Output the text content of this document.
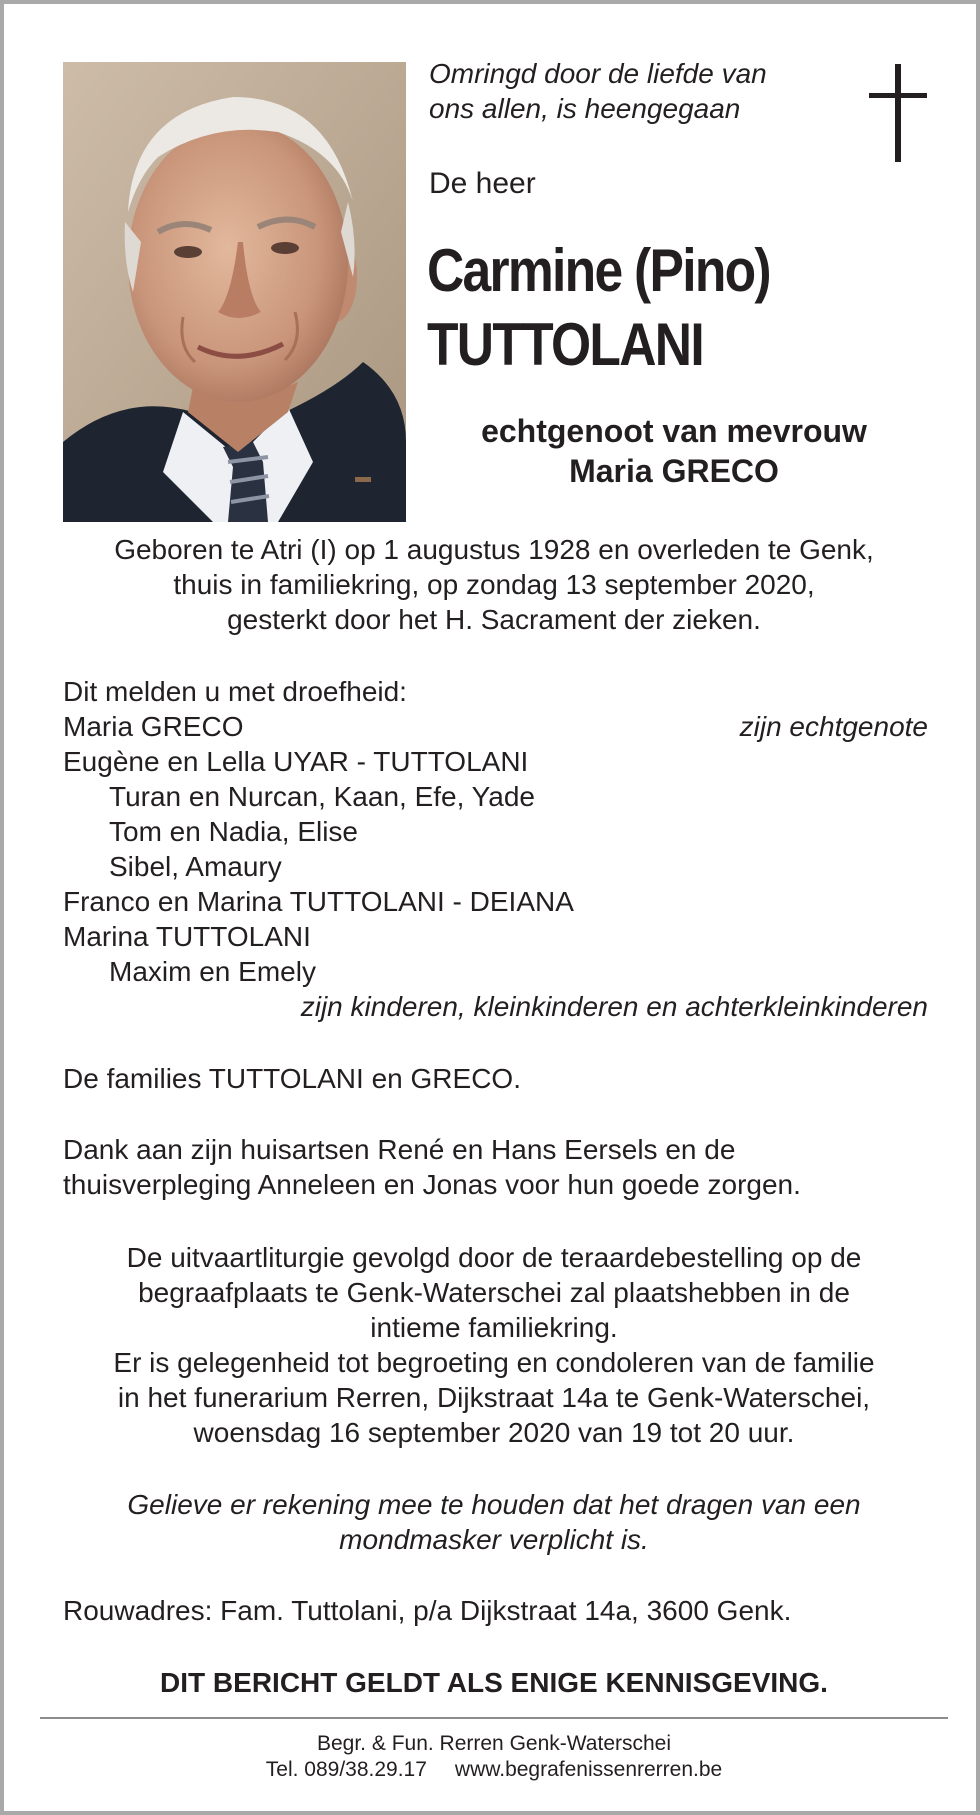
Omringd door de liefde van
ons allen, is heengegaan
De heer
Carmine (Pino)
TUTTOLANI
echtgenoot van mevrouw
Maria GRECO
Geboren te Atri (I) op 1 augustus 1928 en overleden te Genk,
thuis in familiekring, op zondag 13 september 2020,
gesterkt door het H. Sacrament der zieken.
Dit melden u met droefheid:
Maria GRECO	zijn echtgenote
Eugène en Lella UYAR - TUTTOLANI
Turan en Nurcan, Kaan, Efe, Yade
Tom en Nadia, Elise
Sibel, Amaury
Franco en Marina TUTTOLANI - DEIANA
Marina TUTTOLANI
Maxim en Emely
zijn kinderen, kleinkinderen en achterkleinkinderen
De families TUTTOLANI en GRECO.
Dank aan zijn huisartsen René en Hans Eersels en de
thuisverpleging Anneleen en Jonas voor hun goede zorgen.
De uitvaartliturgie gevolgd door de teraardebestelling op de
begraafplaats te Genk-Waterschei zal plaatshebben in de
intieme familiekring.
Er is gelegenheid tot begroeting en condoleren van de familie
in het funerarium Rerren, Dijkstraat 14a te Genk-Waterschei,
woensdag 16 september 2020 van 19 tot 20 uur.
Gelieve er rekening mee te houden dat het dragen van een
mondmasker verplicht is.
Rouwadres: Fam. Tuttolani, p/a Dijkstraat 14a, 3600 Genk.
DIT BERICHT GELDT ALS ENIGE KENNISGEVING.
Begr. & Fun. Rerren Genk-Waterschei
Tel. 089/38.29.17 www.begrafenissenrerren.be
